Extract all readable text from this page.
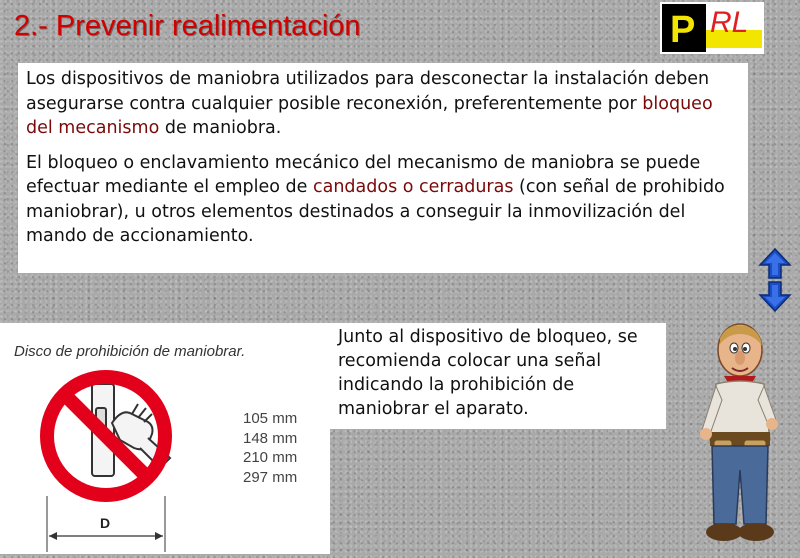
2.- Prevenir realimentación	P RL

Los dispositivos de maniobra utilizados para desconectar la instalación deben asegurarse contra cualquier posible reconexión, preferentemente por bloqueo del mecanismo de maniobra.

El bloqueo o enclavamiento mecánico del mecanismo de maniobra se puede efectuar mediante el empleo de candados o cerraduras (con señal de prohibido maniobrar), u otros elementos destinados a conseguir la inmovilización del mando de accionamiento.

Disco de prohibición de maniobrar.

D
105 mm
148 mm
210 mm
297 mm

Junto al dispositivo de bloqueo, se recomienda colocar una señal indicando la prohibición de maniobrar el aparato.
